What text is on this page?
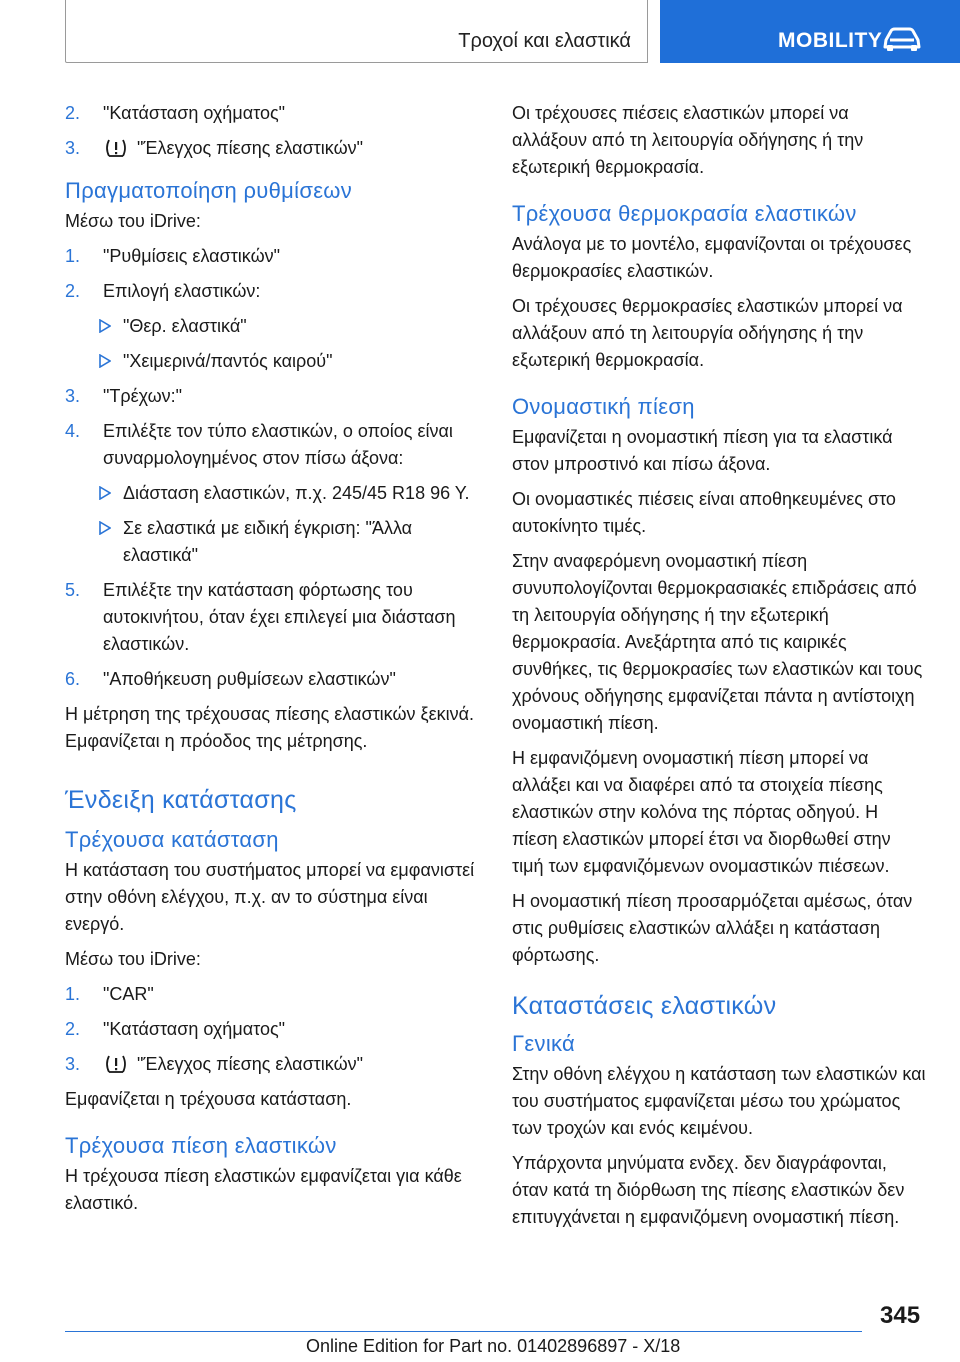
Τροχοί και ελαστικά	MOBILITY
2. "Κατάσταση οχήματος"
3.	"Έλεγχος πίεσης ελαστικών"
Πραγματοποίηση ρυθμίσεων
Μέσω του iDrive:
1. "Ρυθμίσεις ελαστικών"
2. Επιλογή ελαστικών:
"Θερ. ελαστικά"
"Χειμερινά/παντός καιρού"
3. "Τρέχων:"
4. Επιλέξτε τον τύπο ελαστικών, ο οποίος είναι συναρμολογημένος στον πίσω άξονα:
Διάσταση ελαστικών, π.χ. 245/45 R18 96 Y.
Σε ελαστικά με ειδική έγκριση: "Άλλα ελαστικά"
5. Επιλέξτε την κατάσταση φόρτωσης του αυτοκινήτου, όταν έχει επιλεγεί μια διάσταση ελαστικών.
6. "Αποθήκευση ρυθμίσεων ελαστικών"
Η μέτρηση της τρέχουσας πίεσης ελαστικών ξεκινά. Εμφανίζεται η πρόοδος της μέτρησης.
Ένδειξη κατάστασης
Τρέχουσα κατάσταση
Η κατάσταση του συστήματος μπορεί να εμφανιστεί στην οθόνη ελέγχου, π.χ. αν το σύστημα είναι ενεργό.
Μέσω του iDrive:
1. "CAR"
2. "Κατάσταση οχήματος"
3.	"Έλεγχος πίεσης ελαστικών"
Εμφανίζεται η τρέχουσα κατάσταση.
Τρέχουσα πίεση ελαστικών
Η τρέχουσα πίεση ελαστικών εμφανίζεται για κάθε ελαστικό.
Οι τρέχουσες πιέσεις ελαστικών μπορεί να αλλάξουν από τη λειτουργία οδήγησης ή την εξωτερική θερμοκρασία.
Τρέχουσα θερμοκρασία ελαστικών
Ανάλογα με το μοντέλο, εμφανίζονται οι τρέχουσες θερμοκρασίες ελαστικών.
Οι τρέχουσες θερμοκρασίες ελαστικών μπορεί να αλλάξουν από τη λειτουργία οδήγησης ή την εξωτερική θερμοκρασία.
Ονομαστική πίεση
Εμφανίζεται η ονομαστική πίεση για τα ελαστικά στον μπροστινό και πίσω άξονα.
Οι ονομαστικές πιέσεις είναι αποθηκευμένες στο αυτοκίνητο τιμές.
Στην αναφερόμενη ονομαστική πίεση συνυπολογίζονται θερμοκρασιακές επιδράσεις από τη λειτουργία οδήγησης ή την εξωτερική θερμοκρασία. Ανεξάρτητα από τις καιρικές συνθήκες, τις θερμοκρασίες των ελαστικών και τους χρόνους οδήγησης εμφανίζεται πάντα η αντίστοιχη ονομαστική πίεση.
Η εμφανιζόμενη ονομαστική πίεση μπορεί να αλλάξει και να διαφέρει από τα στοιχεία πίεσης ελαστικών στην κολόνα της πόρτας οδηγού. Η πίεση ελαστικών μπορεί έτσι να διορθωθεί στην τιμή των εμφανιζόμενων ονομαστικών πιέσεων.
Η ονομαστική πίεση προσαρμόζεται αμέσως, όταν στις ρυθμίσεις ελαστικών αλλάξει η κατάσταση φόρτωσης.
Καταστάσεις ελαστικών
Γενικά
Στην οθόνη ελέγχου η κατάσταση των ελαστικών και του συστήματος εμφανίζεται μέσω του χρώματος των τροχών και ενός κειμένου.
Υπάρχοντα μηνύματα ενδεχ. δεν διαγράφονται, όταν κατά τη διόρθωση της πίεσης ελαστικών δεν επιτυγχάνεται η εμφανιζόμενη ονομαστική πίεση.
345
Online Edition for Part no. 01402896897 - X/18
